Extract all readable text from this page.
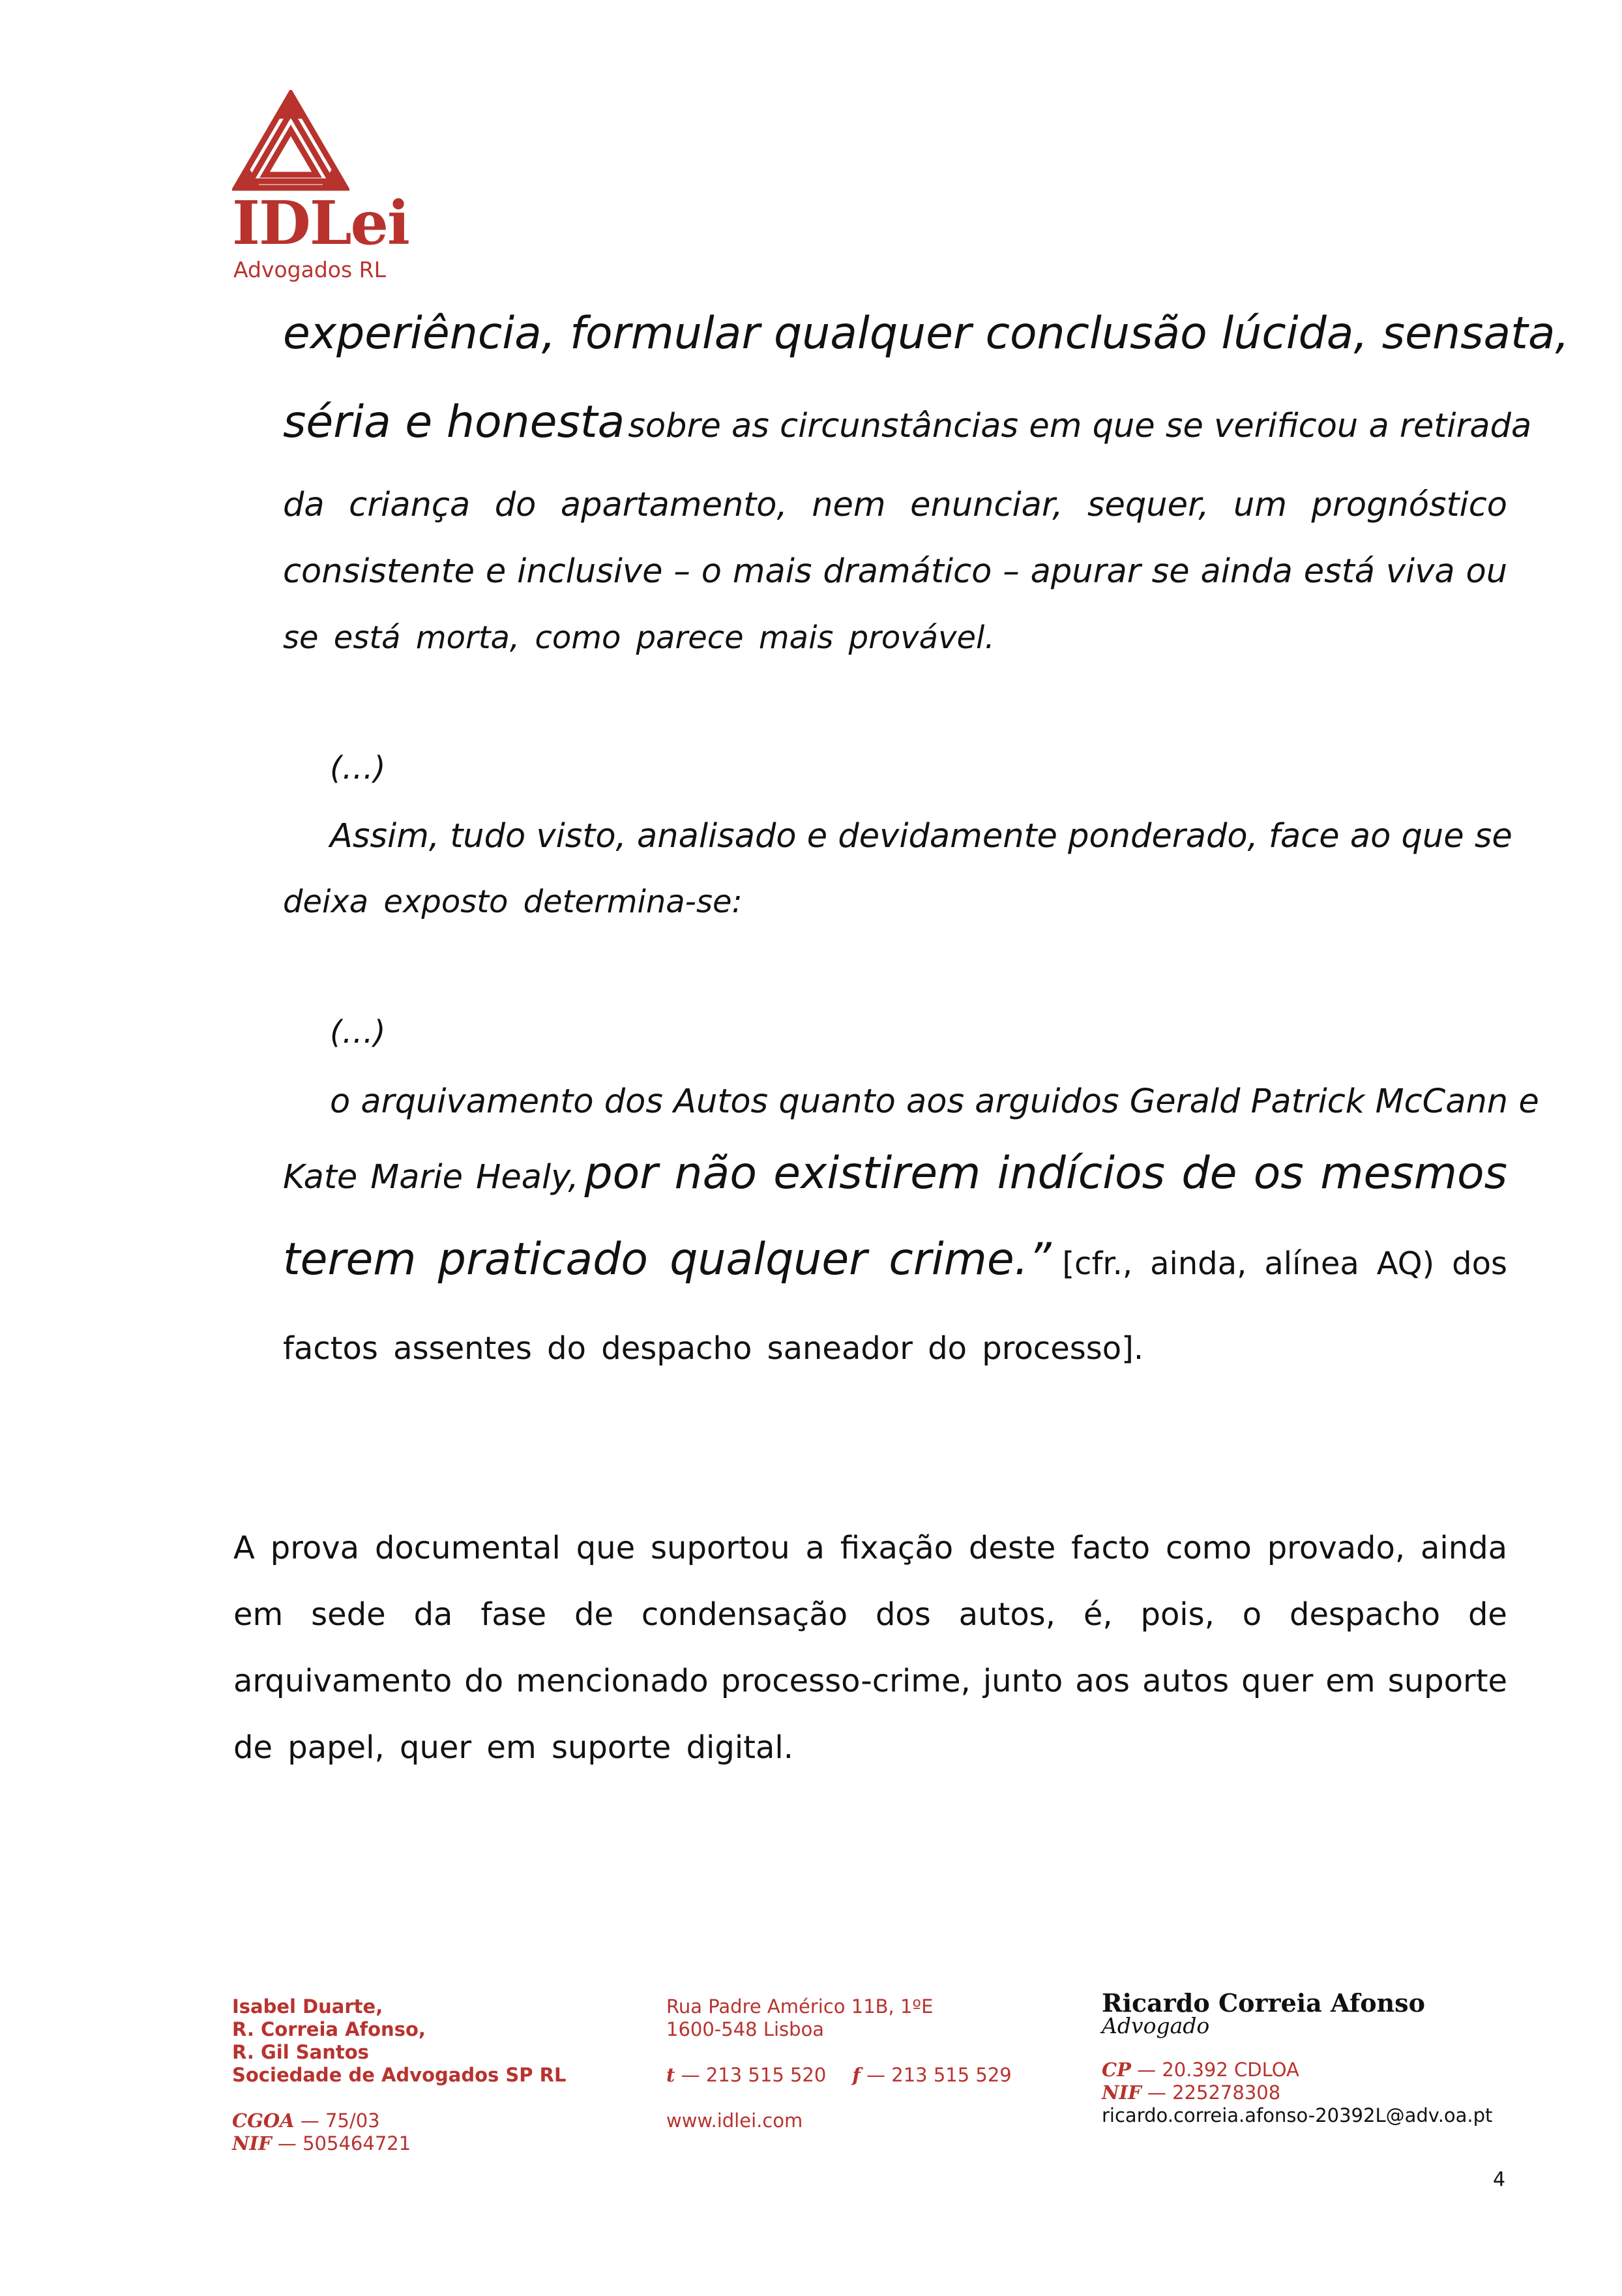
IDLei
Advogados RL

experiência, formular qualquer conclusão lúcida, sensata,

séria e honesta sobre as circunstâncias em que se verificou a retirada

da criança do apartamento, nem enunciar, sequer, um prognóstico

consistente e inclusive – o mais dramático – apurar se ainda está viva ou

se está morta, como parece mais provável.

(…)

Assim, tudo visto, analisado e devidamente ponderado, face ao que se

deixa exposto determina-se:

(…)

o arquivamento dos Autos quanto aos arguidos Gerald Patrick McCann e

Kate Marie Healy, por não existirem indícios de os mesmos

terem praticado qualquer crime.” [cfr., ainda, alínea AQ) dos

factos assentes do despacho saneador do processo].

A prova documental que suportou a fixação deste facto como provado, ainda

em sede da fase de condensação dos autos, é, pois, o despacho de

arquivamento do mencionado processo-crime, junto aos autos quer em suporte

de papel, quer em suporte digital.

Isabel Duarte,
R. Correia Afonso,
R. Gil Santos
Sociedade de Advogados SP RL
CGOA — 75/03
NIF — 505464721
Rua Padre Américo 11B, 1ºE
1600-548 Lisboa
t — 213 515 520 f — 213 515 529
www.idlei.com
Ricardo Correia Afonso
Advogado
CP — 20.392 CDLOA
NIF — 225278308
ricardo.correia.afonso-20392L@adv.oa.pt
4
